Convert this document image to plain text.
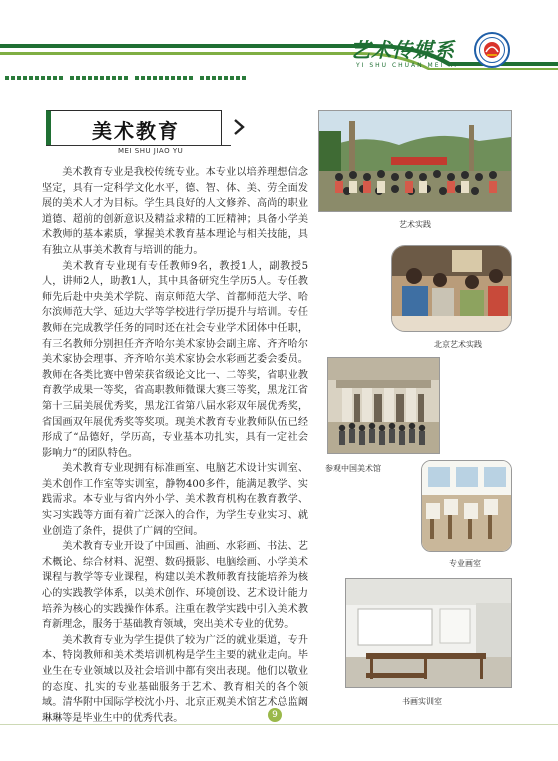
艺术传媒系
YI SHU CHUAN MEI XI
美术教育
MEI SHU JIAO YU

美术教育专业是我校传统专业。本专业以培养理想信念坚定，具有一定科学文化水平，德、智、体、美、劳全面发展的美术人才为目标。学生具良好的人文修养、高尚的职业道德、超前的创新意识及精益求精的工匠精神；具备小学美术教师的基本素质，掌握美术教育基本理论与相关技能，具有独立从事美术教育与培训的能力。

美术教育专业现有专任教师9名，教授1人，副教授5人，讲师2人，助教1人，其中具备研究生学历5人。专任教师先后赴中央美术学院、南京师范大学、首都师范大学、哈尔滨师范大学、延边大学等学校进行学历提升与培训。专任教师在完成教学任务的同时还在社会专业学术团体中任职，有三名教师分别担任齐齐哈尔美术家协会副主席、齐齐哈尔美术家协会理事、齐齐哈尔美术家协会水彩画艺委会委员。教师在各类比赛中曾荣获省级论文比一、二等奖，省职业教育教学成果一等奖，省高职教师微课大赛三等奖，黑龙江省第十三届美展优秀奖，黑龙江省第八届水彩双年展优秀奖，省国画双年展优秀奖等奖项。现美术教育专业教师队伍已经形成了“品德好，学历高，专业基本功扎实，具有一定社会影响力”的团队特色。

美术教育专业现拥有标准画室、电脑艺术设计实训室、美术创作工作室等实训室，静物400多件，能满足教学、实践需求。本专业与省内外小学、美术教育机构在教育教学、实习实践等方面有着广泛深入的合作，为学生专业实习、就业创造了条件，提供了广阔的空间。

美术教育专业开设了中国画、油画、水彩画、书法、艺术概论、综合材料、泥塑、数码摄影、电脑绘画、小学美术课程与教学等专业课程，构建以美术教师教育技能培养为核心的实践教学体系，以美术创作、环境创设、艺术设计能力培养为核心的实践操作体系。注重在教学实践中引入美术教育新理念，服务于基础教育领域，突出美术专业的优势。

美术教育专业为学生提供了较为广泛的就业渠道，专升本、特岗教师和美术类培训机构是学生主要的就业走向。毕业生在专业领域以及社会培训中都有突出表现。他们以敬业的态度、扎实的专业基础服务于艺术、教育相关的各个领域。清华附中国际学校沈小丹、北京正观美术馆艺术总监阚琳琳等是毕业生中的优秀代表。

艺术实践
北京艺术实践
参观中国美术馆
专业画室
书画实训室
9
